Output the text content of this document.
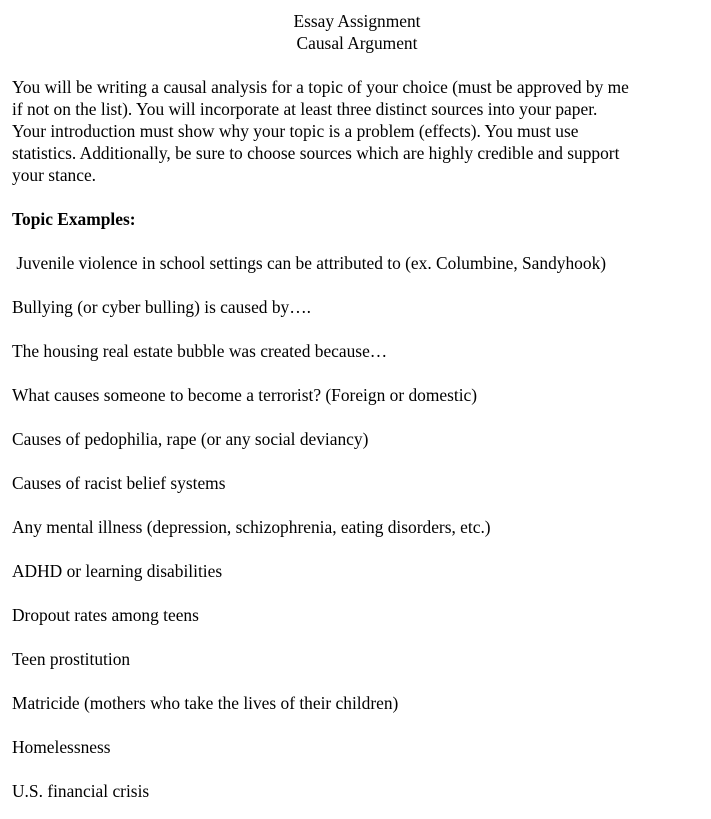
Essay Assignment
Causal Argument
You will be writing a causal analysis for a topic of your choice (must be approved by me
if not on the list). You will incorporate at least three distinct sources into your paper.
Your introduction must show why your topic is a problem (effects). You must use
statistics. Additionally, be sure to choose sources which are highly credible and support
your stance.
Topic Examples:
Juvenile violence in school settings can be attributed to (ex. Columbine, Sandyhook)
Bullying (or cyber bulling) is caused by….
The housing real estate bubble was created because…
What causes someone to become a terrorist? (Foreign or domestic)
Causes of pedophilia, rape (or any social deviancy)
Causes of racist belief systems
Any mental illness (depression, schizophrenia, eating disorders, etc.)
ADHD or learning disabilities
Dropout rates among teens
Teen prostitution
Matricide (mothers who take the lives of their children)
Homelessness
U.S. financial crisis
